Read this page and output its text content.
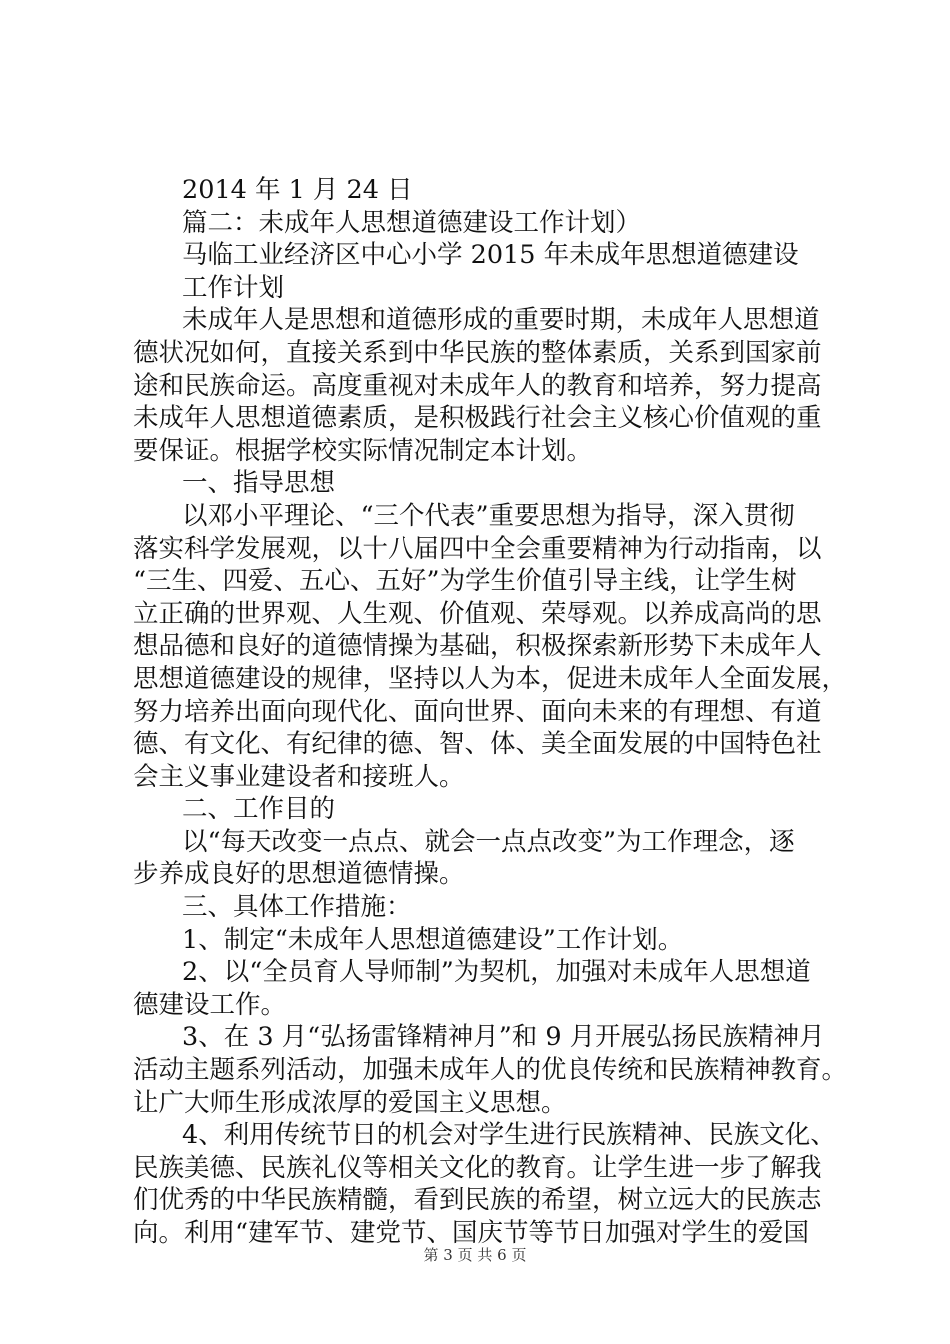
2014 年 1 月 24 日
篇二：未成年人思想道德建设工作计划）
马临工业经济区中心小学 2015 年未成年思想道德建设
工作计划
未成年人是思想和道德形成的重要时期，未成年人思想道
德状况如何，直接关系到中华民族的整体素质，关系到国家前
途和民族命运。高度重视对未成年人的教育和培养，努力提高
未成年人思想道德素质，是积极践行社会主义核心价值观的重
要保证。根据学校实际情况制定本计划。
一、指导思想
以邓小平理论、“三个代表”重要思想为指导，深入贯彻
落实科学发展观，以十八届四中全会重要精神为行动指南，以
“三生、四爱、五心、五好”为学生价值引导主线，让学生树
立正确的世界观、人生观、价值观、荣辱观。以养成高尚的思
想品德和良好的道德情操为基础，积极探索新形势下未成年人
思想道德建设的规律，坚持以人为本，促进未成年人全面发展，
努力培养出面向现代化、面向世界、面向未来的有理想、有道
德、有文化、有纪律的德、智、体、美全面发展的中国特色社
会主义事业建设者和接班人。
二、工作目的
以“每天改变一点点、就会一点点改变”为工作理念，逐
步养成良好的思想道德情操。
三、具体工作措施：
1、制定“未成年人思想道德建设”工作计划。
2、以“全员育人导师制”为契机，加强对未成年人思想道
德建设工作。
3、在 3 月“弘扬雷锋精神月”和 9 月开展弘扬民族精神月
活动主题系列活动，加强未成年人的优良传统和民族精神教育。
让广大师生形成浓厚的爱国主义思想。
4、利用传统节日的机会对学生进行民族精神、民族文化、
民族美德、民族礼仪等相关文化的教育。让学生进一步了解我
们优秀的中华民族精髓，看到民族的希望，树立远大的民族志
向。利用“建军节、建党节、国庆节等节日加强对学生的爱国
第 3 页 共 6 页
